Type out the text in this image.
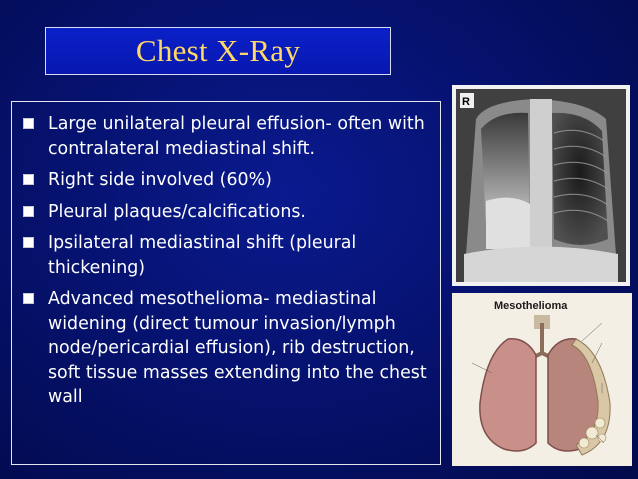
Chest X-Ray
Large unilateral pleural effusion- often with contralateral mediastinal shift.
Right side involved (60%)
Pleural plaques/calcifications.
Ipsilateral mediastinal shift (pleural thickening)
Advanced mesothelioma- mediastinal widening (direct tumour invasion/lymph node/pericardial effusion), rib destruction, soft tissue masses extending into the chest wall
R
Mesothelioma
